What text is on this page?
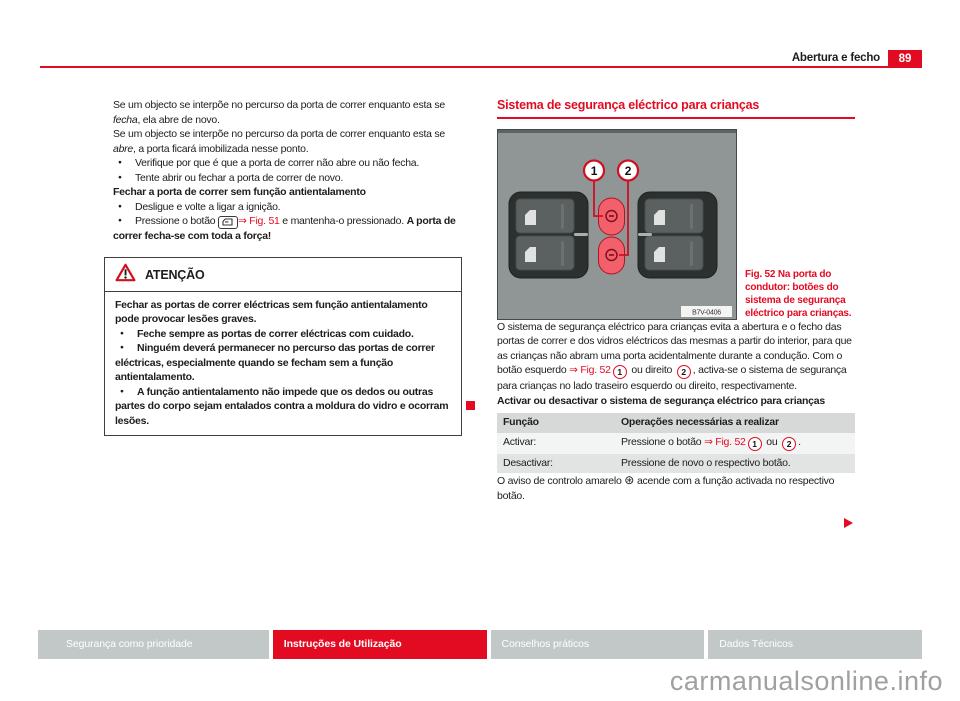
Abertura e fecho	89

Se um objecto se interpõe no percurso da porta de correr enquanto esta se fecha, ela abre de novo.

Se um objecto se interpõe no percurso da porta de correr enquanto esta se abre, a porta ficará imobilizada nesse ponto.

● Verifique por que é que a porta de correr não abre ou não fecha.

● Tente abrir ou fechar a porta de correr de novo.

Fechar a porta de correr sem função antientalamento

● Desligue e volte a ligar a ignição.

● Pressione o botão ⇒ Fig. 51 e mantenha-o pressionado. A porta de correr fecha-se com toda a força!

ATENÇÃO

Fechar as portas de correr eléctricas sem função antientalamento pode provocar lesões graves.

● Feche sempre as portas de correr eléctricas com cuidado.

● Ninguém deverá permanecer no percurso das portas de correr eléctricas, especialmente quando se fecham sem a função antientalamento.

● A função antientalamento não impede que os dedos ou outras partes do corpo sejam entalados contra a moldura do vidro e ocorram lesões.

Sistema de segurança eléctrico para crianças

1 2
B7V-0406
Fig. 52 Na porta do condutor: botões do sistema de segurança eléctrico para crianças.

O sistema de segurança eléctrico para crianças evita a abertura e o fecho das portas de correr e dos vidros eléctricos das mesmas a partir do interior, para que as crianças não abram uma porta acidentalmente durante a condução. Com o botão esquerdo ⇒ Fig. 52 1 ou direito 2 , activa-se o sistema de segurança para crianças no lado traseiro esquerdo ou direito, respectivamente.

Activar ou desactivar o sistema de segurança eléctrico para crianças

Função	Operações necessárias a realizar
Activar:	Pressione o botão ⇒ Fig. 52 1 ou 2 .
Desactivar:	Pressione de novo o respectivo botão.

O aviso de controlo amarelo ⊛ acende com a função activada no respectivo botão.

Segurança como prioridade	Instruções de Utilização	Conselhos práticos	Dados Técnicos
carmanualsonline.info
